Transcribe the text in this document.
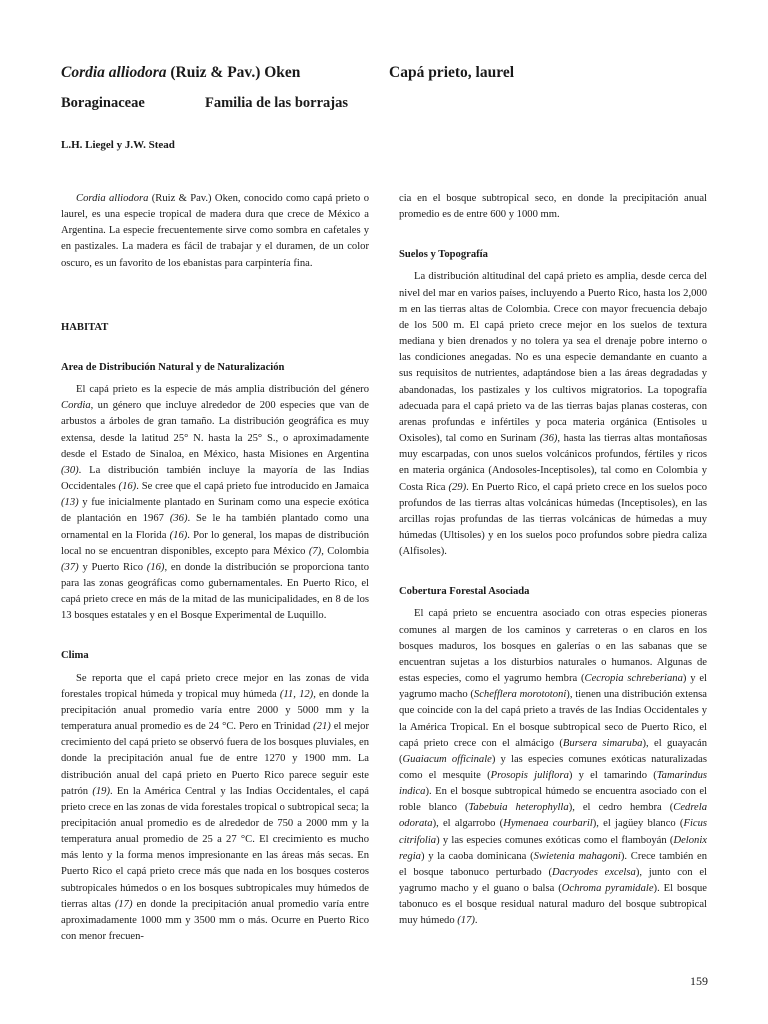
Cordia alliodora (Ruiz & Pav.) Oken	Capá prieto, laurel
Boraginaceae	Familia de las borrajas
L.H. Liegel y J.W. Stead

Cordia alliodora (Ruiz & Pav.) Oken, conocido como capá prieto o laurel, es una especie tropical de madera dura que crece de México a Argentina. La especie frecuentemente sirve como sombra en cafetales y en pastizales. La madera es fácil de trabajar y el duramen, de un color oscuro, es un favorito de los ebanistas para carpintería fina.

HABITAT
Area de Distribución Natural y de Naturalización

El capá prieto es la especie de más amplia distribución del género Cordia, un género que incluye alrededor de 200 especies que van de arbustos a árboles de gran tamaño. La distribución geográfica es muy extensa, desde la latitud 25° N. hasta la 25° S., o aproximadamente desde el Estado de Sinaloa, en México, hasta Misiones en Argentina (30). La distribución también incluye la mayoría de las Indias Occidentales (16). Se cree que el capá prieto fue introducido en Jamaica (13) y fue inicialmente plantado en Surinam como una especie exótica de plantación en 1967 (36). Se le ha también plantado como una ornamental en la Florida (16). Por lo general, los mapas de distribución local no se encuentran disponibles, excepto para México (7), Colombia (37) y Puerto Rico (16), en donde la distribución se proporciona tanto para las zonas geográficas como gubernamentales. En Puerto Rico, el capá prieto crece en más de la mitad de las municipalidades, en 8 de los 13 bosques estatales y en el Bosque Experimental de Luquillo.

Clima

Se reporta que el capá prieto crece mejor en las zonas de vida forestales tropical húmeda y tropical muy húmeda (11, 12), en donde la precipitación anual promedio varía entre 2000 y 5000 mm y la temperatura anual promedio es de 24 °C. Pero en Trinidad (21) el mejor crecimiento del capá prieto se observó fuera de los bosques pluviales, en donde la precipitación anual fue de entre 1270 y 1900 mm. La distribución anual del capá prieto en Puerto Rico parece seguir este patrón (19). En la América Central y las Indias Occidentales, el capá prieto crece en las zonas de vida forestales tropical o subtropical seca; la precipitación anual promedio es de alrededor de 750 a 2000 mm y la temperatura anual promedio de 25 a 27 °C. El crecimiento es mucho más lento y la forma menos impresionante en las áreas más secas. En Puerto Rico el capá prieto crece más que nada en los bosques costeros subtropicales húmedos o en los bosques subtropicales muy húmedos de tierras altas (17) en donde la precipitación anual promedio varía entre aproximadamente 1000 mm y 3500 mm o más. Ocurre en Puerto Rico con menor frecuen-

cia en el bosque subtropical seco, en donde la precipitación anual promedio es de entre 600 y 1000 mm.

Suelos y Topografía

La distribución altitudinal del capá prieto es amplia, desde cerca del nivel del mar en varios países, incluyendo a Puerto Rico, hasta los 2,000 m en las tierras altas de Colombia. Crece con mayor frecuencia debajo de los 500 m. El capá prieto crece mejor en los suelos de textura mediana y bien drenados y no tolera ya sea el drenaje pobre interno o las condiciones anegadas. No es una especie demandante en cuanto a sus requisitos de nutrientes, adaptándose bien a las áreas degradadas y abandonadas, los pastizales y los cultivos migratorios. La topografía adecuada para el capá prieto va de las tierras bajas planas costeras, con arenas profundas e infértiles y poca materia orgánica (Entisoles u Oxisoles), tal como en Surinam (36), hasta las tierras altas montañosas muy escarpadas, con unos suelos volcánicos profundos, fértiles y ricos en materia orgánica (Andosoles-Inceptisoles), tal como en Colombia y Costa Rica (29). En Puerto Rico, el capá prieto crece en los suelos poco profundos de las tierras altas volcánicas húmedas (Inceptisoles), en las arcillas rojas profundas de las tierras volcánicas de húmedas a muy húmedas (Ultisoles) y en los suelos poco profundos sobre piedra caliza (Alfisoles).

Cobertura Forestal Asociada

El capá prieto se encuentra asociado con otras especies pioneras comunes al margen de los caminos y carreteras o en claros en los bosques maduros, los bosques en galerías o en las sabanas que se encuentran sujetas a los disturbios naturales o humanos. Algunas de estas especies, como el yagrumo hembra (Cecropia schreberiana) y el yagrumo macho (Schefflera morototoni), tienen una distribución extensa que coincide con la del capá prieto a través de las Indias Occidentales y la América Tropical. En el bosque subtropical seco de Puerto Rico, el capá prieto crece con el almácigo (Bursera simaruba), el guayacán (Guaiacum officinale) y las especies comunes exóticas naturalizadas como el mesquite (Prosopis juliflora) y el tamarindo (Tamarindus indica). En el bosque subtropical húmedo se encuentra asociado con el roble blanco (Tabebuia heterophylla), el cedro hembra (Cedrela odorata), el algarrobo (Hymenaea courbaril), el jagüey blanco (Ficus citrifolia) y las especies comunes exóticas como el flamboyán (Delonix regia) y la caoba dominicana (Swietenia mahagoni). Crece también en el bosque tabonuco perturbado (Dacryodes excelsa), junto con el yagrumo macho y el guano o balsa (Ochroma pyramidale). El bosque tabonuco es el bosque residual natural maduro del bosque subtropical muy húmedo (17).

159
